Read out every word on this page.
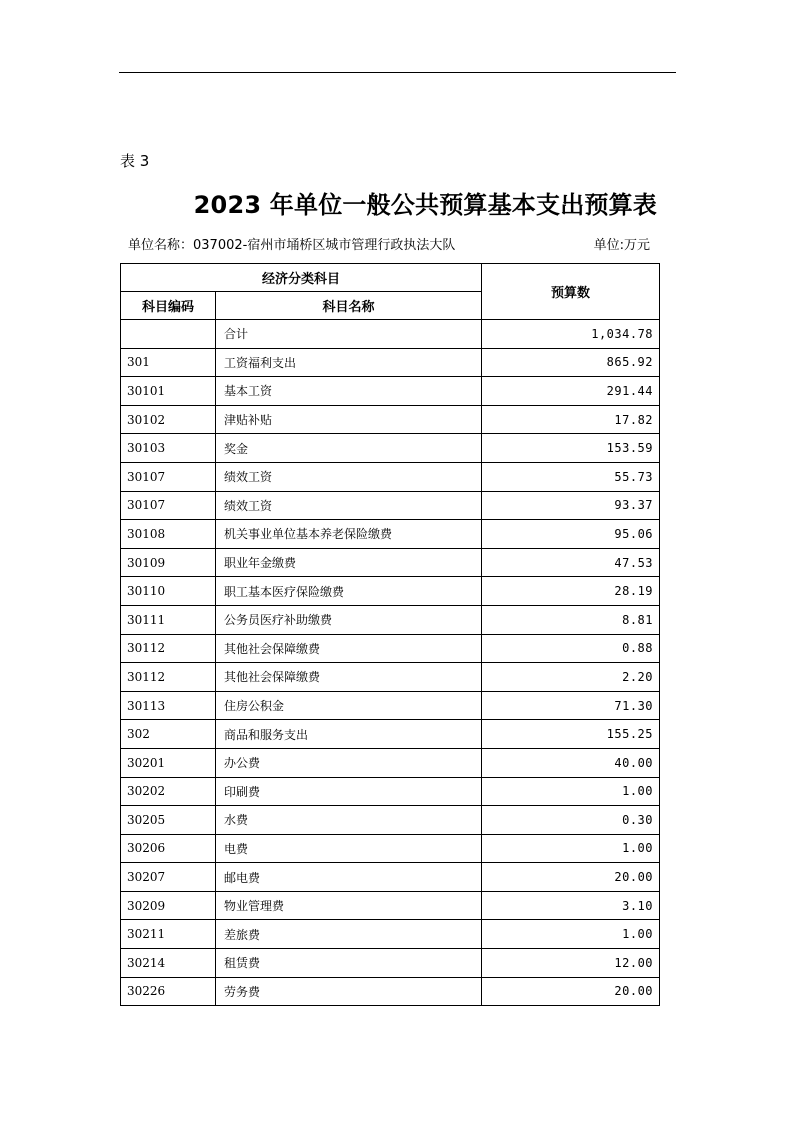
表 3
2023 年单位一般公共预算基本支出预算表
单位名称：037002-宿州市埇桥区城市管理行政执法大队	单位:万元
经济分类科目		预算数
科目编码	科目名称	
	合计	1,034.78
301	工资福利支出	865.92
30101	基本工资	291.44
30102	津贴补贴	17.82
30103	奖金	153.59
30107	绩效工资	55.73
30107	绩效工资	93.37
30108	机关事业单位基本养老保险缴费	95.06
30109	职业年金缴费	47.53
30110	职工基本医疗保险缴费	28.19
30111	公务员医疗补助缴费	8.81
30112	其他社会保障缴费	0.88
30112	其他社会保障缴费	2.20
30113	住房公积金	71.30
302	商品和服务支出	155.25
30201	办公费	40.00
30202	印刷费	1.00
30205	水费	0.30
30206	电费	1.00
30207	邮电费	20.00
30209	物业管理费	3.10
30211	差旅费	1.00
30214	租赁费	12.00
30226	劳务费	20.00
